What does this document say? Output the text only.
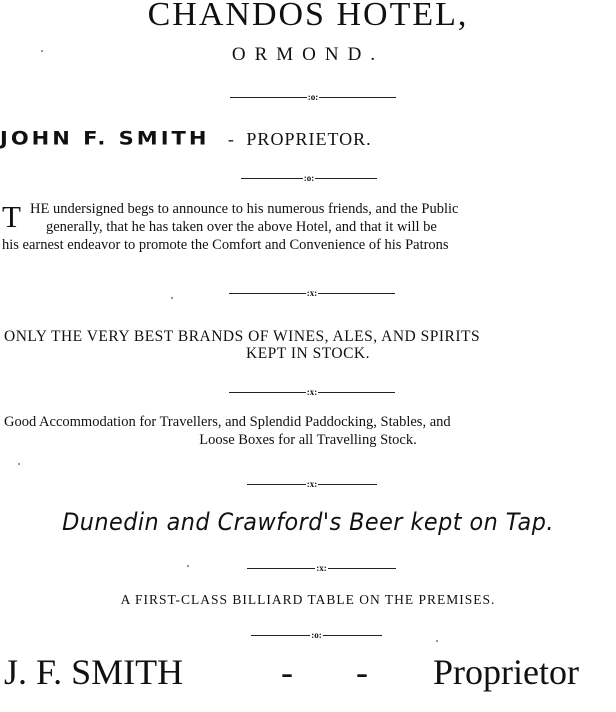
CHANDOS HOTEL,
ORMOND.
:o:
JOHN F. SMITH - PROPRIETOR.
:o:
T HE undersigned begs to announce to his numerous friends, and the Public
generally, that he has taken over the above Hotel, and that it will be
his earnest endeavor to promote the Comfort and Convenience of his Patrons
:x:
ONLY THE VERY BEST BRANDS OF WINES, ALES, AND SPIRITS
KEPT IN STOCK.
:x:
Good Accommodation for Travellers, and Splendid Paddocking, Stables, and
Loose Boxes for all Travelling Stock.
:x:
Dunedin and Crawford's Beer kept on Tap.
:x:
A FIRST-CLASS BILLIARD TABLE ON THE PREMISES.
:o:
J. F. SMITH	- - Proprietor
